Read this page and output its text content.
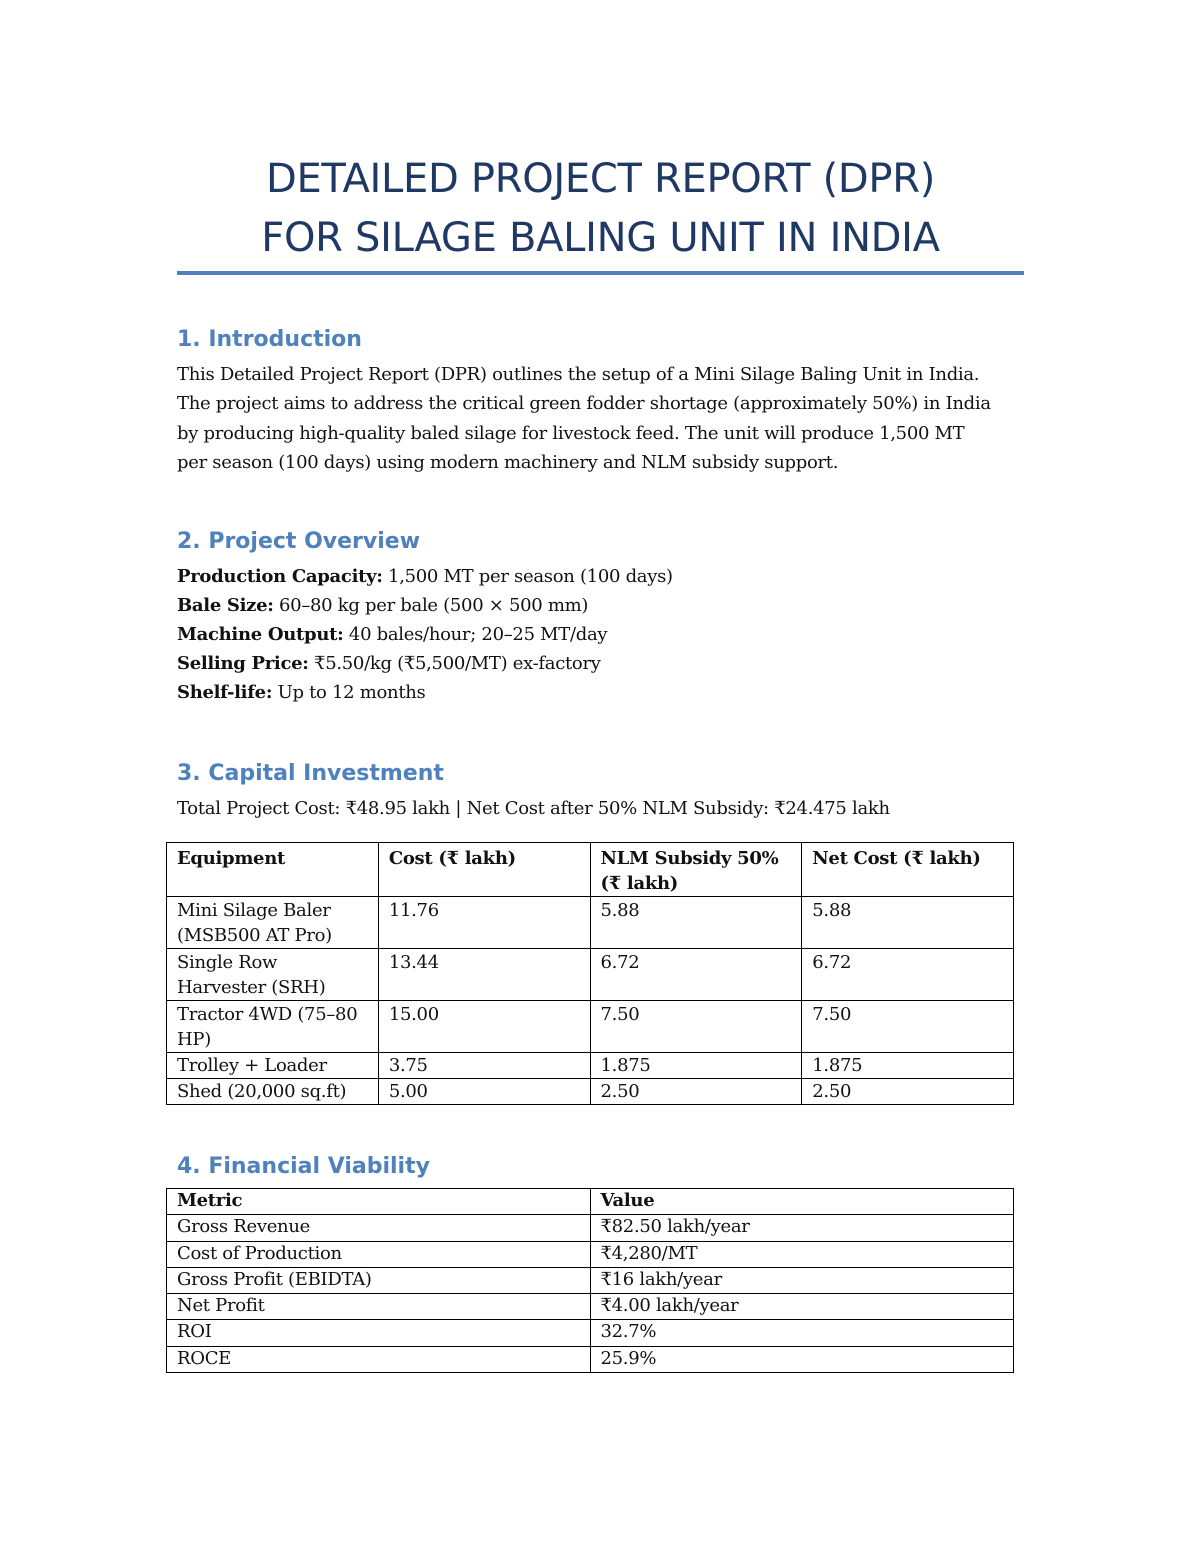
DETAILED PROJECT REPORT (DPR)
FOR SILAGE BALING UNIT IN INDIA
1. Introduction
This Detailed Project Report (DPR) outlines the setup of a Mini Silage Baling Unit in India.
The project aims to address the critical green fodder shortage (approximately 50%) in India
by producing high-quality baled silage for livestock feed. The unit will produce 1,500 MT
per season (100 days) using modern machinery and NLM subsidy support.
2. Project Overview
Production Capacity: 1,500 MT per season (100 days)
Bale Size: 60–80 kg per bale (500 × 500 mm)
Machine Output: 40 bales/hour; 20–25 MT/day
Selling Price: ₹5.50/kg (₹5,500/MT) ex-factory
Shelf-life: Up to 12 months
3. Capital Investment
Total Project Cost: ₹48.95 lakh | Net Cost after 50% NLM Subsidy: ₹24.475 lakh
Equipment	Cost (₹ lakh)	NLM Subsidy 50% (₹ lakh)	Net Cost (₹ lakh)
Mini Silage Baler (MSB500 AT Pro)	11.76	5.88	5.88
Single Row Harvester (SRH)	13.44	6.72	6.72
Tractor 4WD (75–80 HP)	15.00	7.50	7.50
Trolley + Loader	3.75	1.875	1.875
Shed (20,000 sq.ft)	5.00	2.50	2.50
4. Financial Viability
Metric	Value
Gross Revenue	₹82.50 lakh/year
Cost of Production	₹4,280/MT
Gross Profit (EBIDTA)	₹16 lakh/year
Net Profit	₹4.00 lakh/year
ROI	32.7%
ROCE	25.9%
